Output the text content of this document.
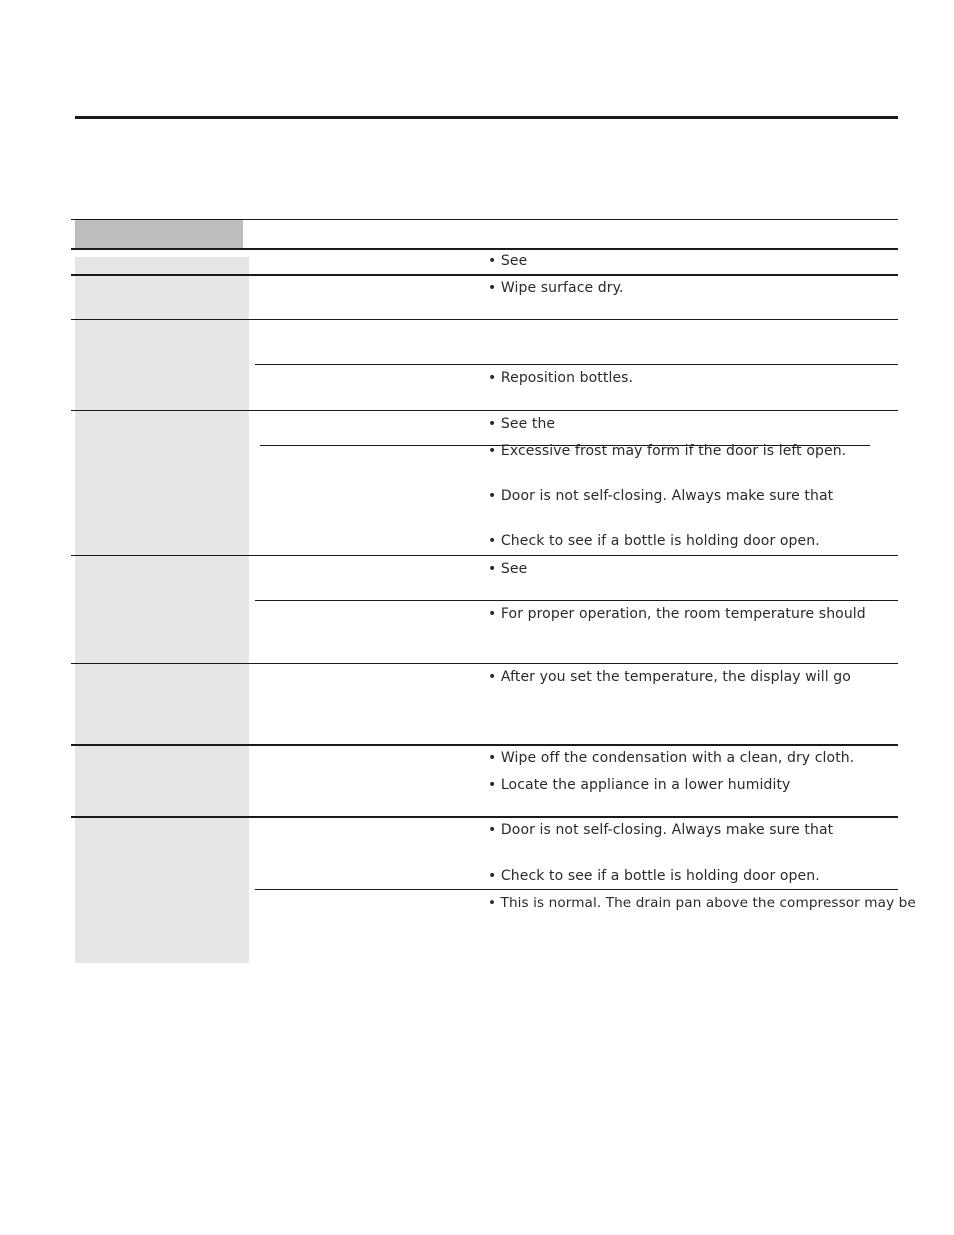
• See
• Wipe surface dry.
• Reposition bottles.
• See the
• Excessive frost may form if the door is left open.
• Door is not self-closing. Always make sure that
• Check to see if a bottle is holding door open.
• See
• For proper operation, the room temperature should
• After you set the temperature, the display will go
• Wipe off the condensation with a clean, dry cloth.
• Locate the appliance in a lower humidity
• Door is not self-closing. Always make sure that
• Check to see if a bottle is holding door open.
• This is normal. The drain pan above the compressor may be
